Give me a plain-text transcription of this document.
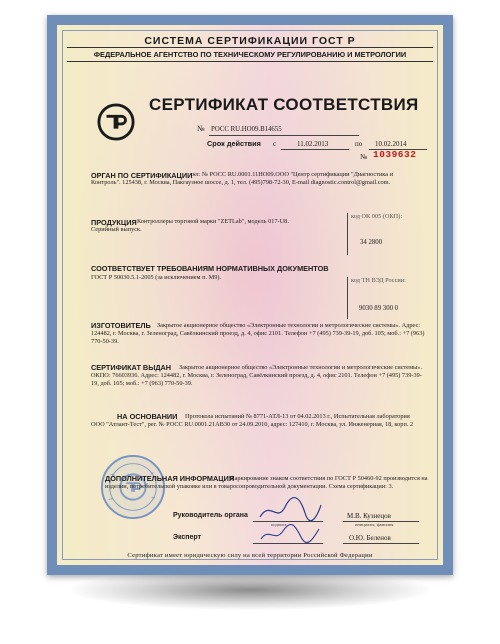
СИСТЕМА СЕРТИФИКАЦИИ ГОСТ Р
ФЕДЕРАЛЬНОЕ АГЕНТСТВО ПО ТЕХНИЧЕСКОМУ РЕГУЛИРОВАНИЮ И МЕТРОЛОГИИ
СЕРТИФИКАТ СООТВЕТСТВИЯ
№ РОСС RU.HO09.B14655
Срок действия с	11.02.2013	по 10.02.2014
№ 1039632
ОРГАН ПО СЕРТИФИКАЦИИ
рег. № РОСС RU.0001.11НО09.ООО "Центр сертификации "Диагностика и Контроль". 125438, г. Москва, Пакгаузное шоссе, д. 1, тел. (495)798-72-30, E-mail diagnostic.control@gmail.com.
ПРОДУКЦИЯ Контроллеры торговой марки "ZETLab", модель 017-U8. Серийный выпуск.
код ОК 005 (ОКП):
34 2800
СООТВЕТСТВУЕТ ТРЕБОВАНИЯМ НОРМАТИВНЫХ ДОКУМЕНТОВ
ГОСТ Р 50030.5.1-2005 (за исключением п. М9).	код ТН ВЭД России:
9030 89 300 0
ИЗГОТОВИТЕЛЬ	Закрытое акционерное общество «Электронные технологии и метрологические системы». Адрес: 124482, г. Москва, г. Зеленоград, Савёлкинский проезд, д. 4, офис 2101. Телефон +7 (495) 739-39-19, доб. 105; моб.: +7 (963) 770-50-39.
СЕРТИФИКАТ ВЫДАН	Закрытое акционерное общество «Электронные технологии и метрологические системы». ОКПО: 76603936. Адрес: 124482, г. Москва, г. Зеленоград, Савёлкинский проезд, д. 4, офис 2101. Телефон +7 (495) 739-39-19, доб. 105; моб.: +7 (963) 770-50-39.
НА ОСНОВАНИИ	Протокола испытаний № 8771-АТЛ-13 от 04.02.2013 г., Испытательная лаборатория ООО "Атлант-Тест", рег. № РОСС RU.0001.21АВ30 от 24.09.2010, адрес: 127410, г. Москва, ул. Инженерная, 18, корп. 2
ДОПОЛНИТЕЛЬНАЯ ИНФОРМАЦИЯ
Маркирование знаком соответствия по ГОСТ Р 50460-92 производится на изделии, потребительской упаковке или в товаросопроводительной документации. Схема сертификации: 3.
Руководитель органа	М.В. Кузнецов
подпись	инициалы, фамилия
Эксперт	О.Ю. Беленов
Сертификат имеет юридическую силу на всей территории Российской Федерации
